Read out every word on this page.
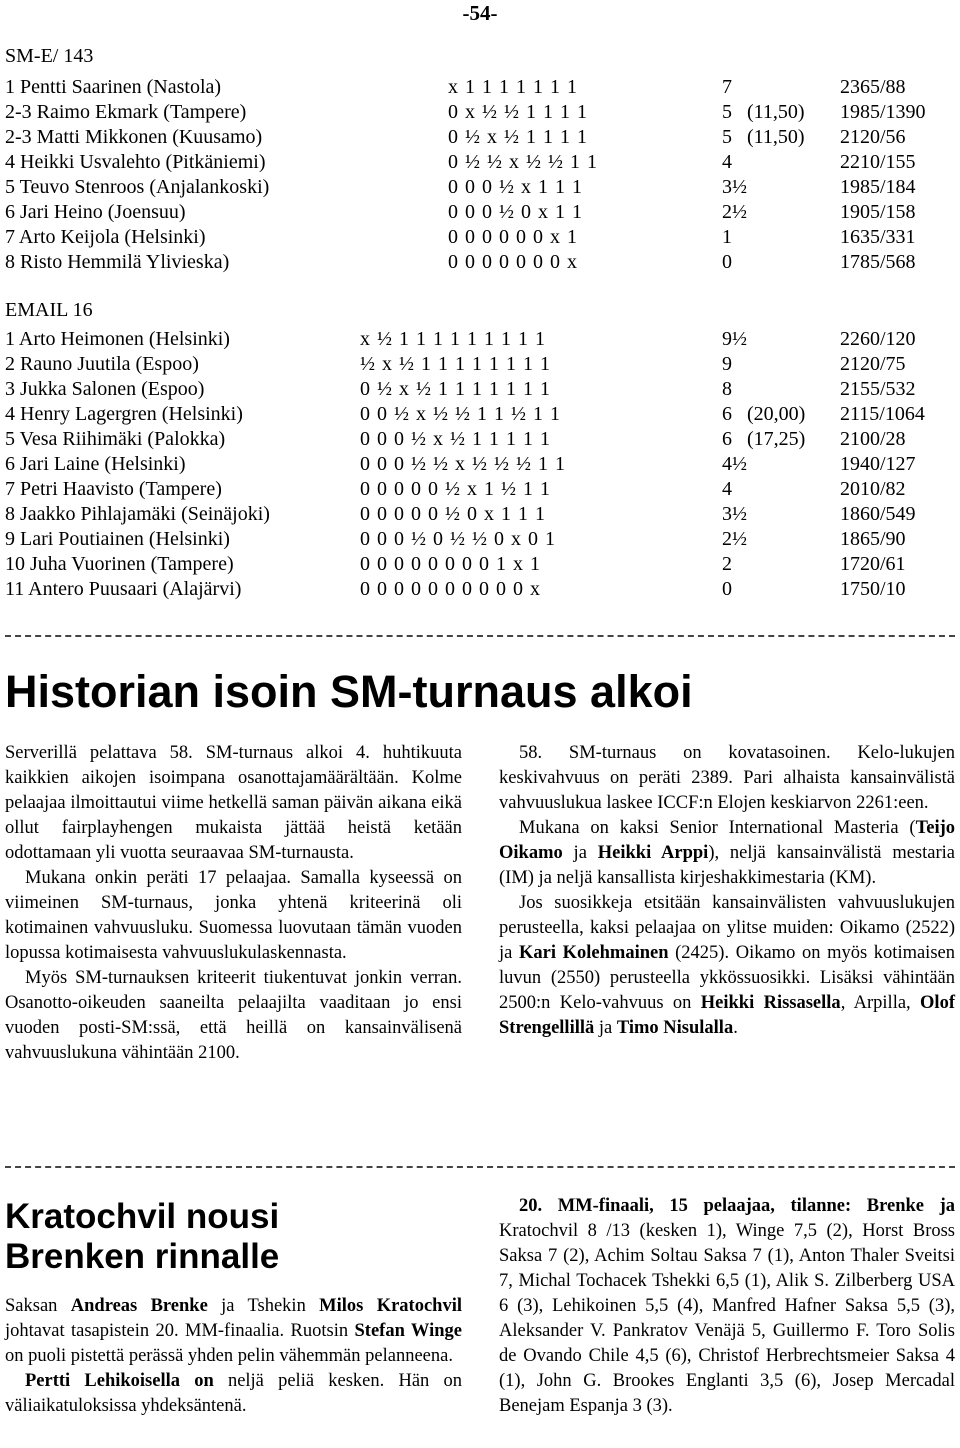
-54-
SM-E/ 143
1 Pentti Saarinen (Nastola)	x 1 1 1 1 1 1 1	7	2365/88
2-3 Raimo Ekmark (Tampere)	0 x ½ ½ 1 1 1 1	5 (11,50) 1985/1390
2-3 Matti Mikkonen (Kuusamo)	0 ½ x ½ 1 1 1 1	5 (11,50) 2120/56
4 Heikki Usvalehto (Pitkäniemi)	0 ½ ½ x ½ ½ 1 1	4	2210/155
5 Teuvo Stenroos (Anjalankoski)	0 0 0 ½ x 1 1 1	3½	1985/184
6 Jari Heino (Joensuu)	0 0 0 ½ 0 x 1 1	2½	1905/158
7 Arto Keijola (Helsinki)	0 0 0 0 0 0 x 1	1	1635/331
8 Risto Hemmilä Ylivieska)	0 0 0 0 0 0 0 x	0	1785/568
EMAIL 16
1 Arto Heimonen (Helsinki)	x ½ 1 1 1 1 1 1 1 1 1	9½	2260/120
2 Rauno Juutila (Espoo)	½ x ½ 1 1 1 1 1 1 1 1	9	2120/75
3 Jukka Salonen (Espoo)	0 ½ x ½ 1 1 1 1 1 1 1	8	2155/532
4 Henry Lagergren (Helsinki)	0 0 ½ x ½ ½ 1 1 ½ 1 1	6 (20,00) 2115/1064
5 Vesa Riihimäki (Palokka)	0 0 0 ½ x ½ 1 1 1 1 1	6 (17,25) 2100/28
6 Jari Laine (Helsinki)	0 0 0 ½ ½ x ½ ½ ½ 1 1	4½	1940/127
7 Petri Haavisto (Tampere)	0 0 0 0 0 ½ x 1 ½ 1 1	4	2010/82
8 Jaakko Pihlajamäki (Seinäjoki)	0 0 0 0 0 ½ 0 x 1 1 1	3½	1860/549
9 Lari Poutiainen (Helsinki)	0 0 0 ½ 0 ½ ½ 0 x 0 1	2½	1865/90
10 Juha Vuorinen (Tampere)	0 0 0 0 0 0 0 0 1 x 1	2	1720/61
11 Antero Puusaari (Alajärvi)	0 0 0 0 0 0 0 0 0 0 x	0	1750/10
Historian isoin SM-turnaus alkoi

Serverillä pelattava 58. SM-turnaus alkoi 4. huhtikuuta kaikkien aikojen isoimpana osanottajamäärältään. Kolme pelaajaa ilmoittautui viime hetkellä saman päivän aikana eikä ollut fairplayhengen mukaista jättää heistä ketään odottamaan yli vuotta seuraavaa SM-turnausta.

Mukana onkin peräti 17 pelaajaa. Samalla kyseessä on viimeinen SM-turnaus, jonka yhtenä kriteerinä oli kotimainen vahvuusluku. Suomessa luovutaan tämän vuoden lopussa kotimaisesta vahvuuslukulaskennasta.

Myös SM-turnauksen kriteerit tiukentuvat jonkin verran. Osanotto-oikeuden saaneilta pelaajilta vaaditaan jo ensi vuoden posti-SM:ssä, että heillä on kansainvälisenä vahvuuslukuna vähintään 2100.

58. SM-turnaus on kovatasoinen. Kelo-lukujen keskivahvuus on peräti 2389. Pari alhaista kansainvälistä vahvuuslukua laskee ICCF:n Elojen keskiarvon 2261:een.

Mukana on kaksi Senior International Masteria (Teijo Oikamo ja Heikki Arppi), neljä kansainvälistä mestaria (IM) ja neljä kansallista kirjeshakkimestaria (KM).

Jos suosikkeja etsitään kansainvälisten vahvuuslukujen perusteella, kaksi pelaajaa on ylitse muiden: Oikamo (2522) ja Kari Kolehmainen (2425). Oikamo on myös kotimaisen luvun (2550) perusteella ykkössuosikki. Lisäksi vähintään 2500:n Kelo-vahvuus on Heikki Rissasella, Arpilla, Olof Strengellillä ja Timo Nisulalla.

Kratochvil nousi
Brenken rinnalle

Saksan Andreas Brenke ja Tshekin Milos Kratochvil johtavat tasapistein 20. MM-finaalia. Ruotsin Stefan Winge on puoli pistettä perässä yhden pelin vähemmän pelanneena.

Pertti Lehikoisella on neljä peliä kesken. Hän on väliaikatuloksissa yhdeksäntenä.

20. MM-finaali, 15 pelaajaa, tilanne: Brenke ja Kratochvil 8 /13 (kesken 1), Winge 7,5 (2), Horst Bross Saksa 7 (2), Achim Soltau Saksa 7 (1), Anton Thaler Sveitsi 7, Michal Tochacek Tshekki 6,5 (1), Alik S. Zilberberg USA 6 (3), Lehikoinen 5,5 (4), Manfred Hafner Saksa 5,5 (3), Aleksander V. Pankratov Venäjä 5, Guillermo F. Toro Solis de Ovando Chile 4,5 (6), Christof Herbrechtsmeier Saksa 4 (1), John G. Brookes Englanti 3,5 (6), Josep Mercadal Benejam Espanja 3 (3).
